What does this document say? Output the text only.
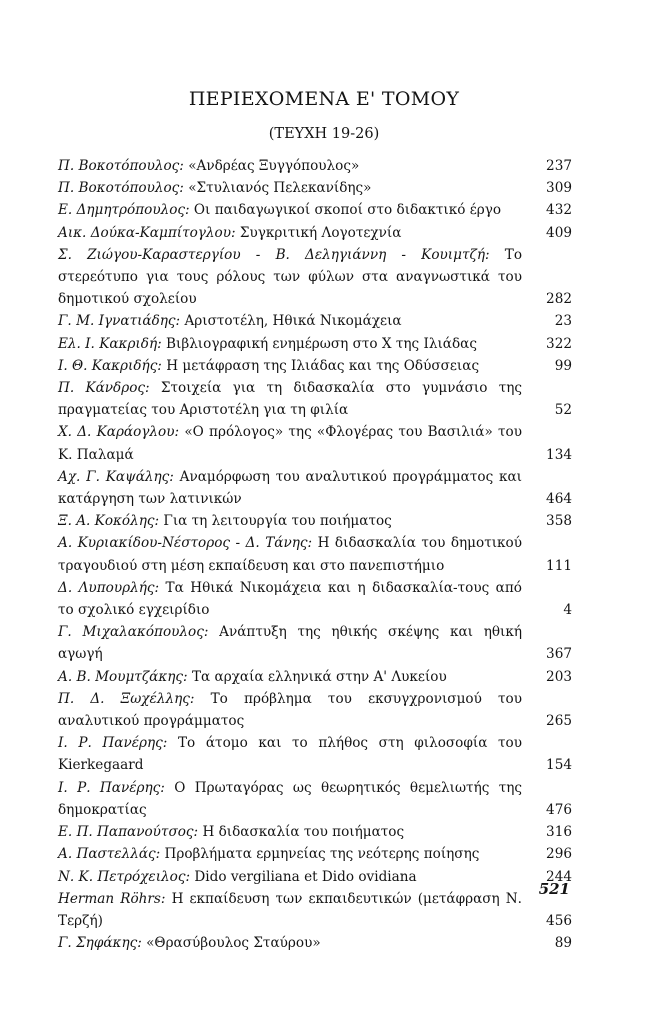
ΠΕΡΙΕΧΟΜΕΝΑ Ε' ΤΟΜΟΥ
(ΤΕΥΧΗ 19-26)
Π. Βοκοτόπουλος: «Ανδρέας Ξυγγόπουλος»	237
Π. Βοκοτόπουλος: «Στυλιανός Πελεκανίδης»	309
Ε. Δημητρόπουλος: Οι παιδαγωγικοί σκοποί στο διδακτικό έργο	432
Αικ. Δούκα-Καμπίτογλου: Συγκριτική Λογοτεχνία	409
Σ. Ζιώγου-Καραστεργίου - Β. Δεληγιάννη - Κουιμτζή: Το στερεότυπο για τους ρόλους των φύλων στα αναγνωστικά του δημοτικού σχολείου	282
Γ. Μ. Ιγνατιάδης: Αριστοτέλη, Ηθικά Νικομάχεια	23
Ελ. Ι. Κακριδή: Βιβλιογραφική ενημέρωση στο Χ της Ιλιάδας	322
Ι. Θ. Κακριδής: Η μετάφραση της Ιλιάδας και της Οδύσσειας	99
Π. Κάνδρος: Στοιχεία για τη διδασκαλία στο γυμνάσιο της πραγματείας του Αριστοτέλη για τη φιλία	52
Χ. Δ. Καράογλου: «Ο πρόλογος» της «Φλογέρας του Βασιλιά» του Κ. Παλαμά	134
Αχ. Γ. Καψάλης: Αναμόρφωση του αναλυτικού προγράμματος και κατάργηση των λατινικών	464
Ξ. Α. Κοκόλης: Για τη λειτουργία του ποιήματος	358
Α. Κυριακίδου-Νέστορος - Δ. Τάνης: Η διδασκαλία του δημοτικού τραγουδιού στη μέση εκπαίδευση και στο πανεπιστήμιο	111
Δ. Λυπουρλής: Τα Ηθικά Νικομάχεια και η διδασκαλία-τους από το σχολικό εγχειρίδιο	4
Γ. Μιχαλακόπουλος: Ανάπτυξη της ηθικής σκέψης και ηθική αγωγή	367
Α. Β. Μουμτζάκης: Τα αρχαία ελληνικά στην Α' Λυκείου	203
Π. Δ. Ξωχέλλης: Το πρόβλημα του εκσυγχρονισμού του αναλυτικού προγράμματος	265
Ι. Ρ. Πανέρης: Το άτομο και το πλήθος στη φιλοσοφία του Kierkegaard	154
Ι. Ρ. Πανέρης: Ο Πρωταγόρας ως θεωρητικός θεμελιωτής της δημοκρατίας	476
Ε. Π. Παπανούτσος: Η διδασκαλία του ποιήματος	316
Α. Παστελλάς: Προβλήματα ερμηνείας της νεότερης ποίησης	296
Ν. Κ. Πετρόχειλος: Dido vergiliana et Dido ovidiana	244
Herman Röhrs: Η εκπαίδευση των εκπαιδευτικών (μετάφραση Ν. Τερζή)	456
Γ. Σηφάκης: «Θρασύβουλος Σταύρου»	89
521
